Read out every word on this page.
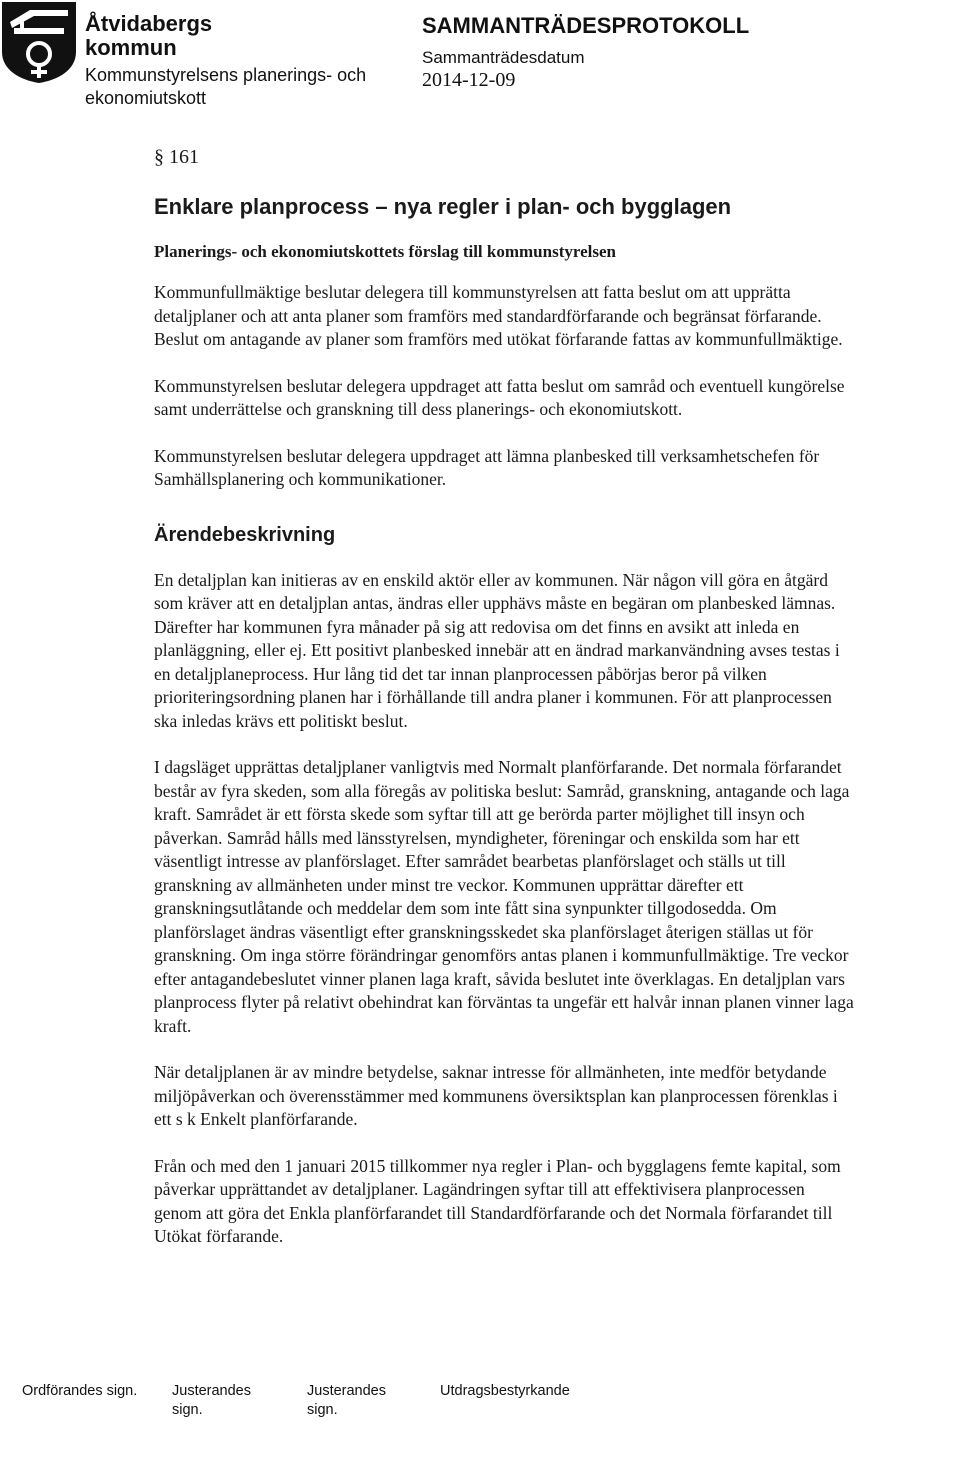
Åtvidabergs
kommun
Kommunstyrelsens planerings- och
ekonomiutskott
SAMMANTRÄDESPROTOKOLL
Sammanträdesdatum
2014-12-09
§ 161
Enklare planprocess – nya regler i plan- och bygglagen
Planerings- och ekonomiutskottets förslag till kommunstyrelsen

Kommunfullmäktige beslutar delegera till kommunstyrelsen att fatta beslut om att upprätta detaljplaner och att anta planer som framförs med standardförfarande och begränsat förfarande. Beslut om antagande av planer som framförs med utökat förfarande fattas av kommunfullmäktige.

Kommunstyrelsen beslutar delegera uppdraget att fatta beslut om samråd och eventuell kungörelse samt underrättelse och granskning till dess planerings- och ekonomiutskott.

Kommunstyrelsen beslutar delegera uppdraget att lämna planbesked till verksamhetschefen för Samhällsplanering och kommunikationer.

Ärendebeskrivning

En detaljplan kan initieras av en enskild aktör eller av kommunen. När någon vill göra en åtgärd som kräver att en detaljplan antas, ändras eller upphävs måste en begäran om planbesked lämnas. Därefter har kommunen fyra månader på sig att redovisa om det finns en avsikt att inleda en planläggning, eller ej. Ett positivt planbesked innebär att en ändrad markanvändning avses testas i en detaljplaneprocess. Hur lång tid det tar innan planprocessen påbörjas beror på vilken prioriteringsordning planen har i förhållande till andra planer i kommunen. För att planprocessen ska inledas krävs ett politiskt beslut.

I dagsläget upprättas detaljplaner vanligtvis med Normalt planförfarande. Det normala förfarandet består av fyra skeden, som alla föregås av politiska beslut: Samråd, granskning, antagande och laga kraft. Samrådet är ett första skede som syftar till att ge berörda parter möjlighet till insyn och påverkan. Samråd hålls med länsstyrelsen, myndigheter, föreningar och enskilda som har ett väsentligt intresse av planförslaget. Efter samrådet bearbetas planförslaget och ställs ut till granskning av allmänheten under minst tre veckor. Kommunen upprättar därefter ett granskningsutlåtande och meddelar dem som inte fått sina synpunkter tillgodosedda. Om planförslaget ändras väsentligt efter granskningsskedet ska planförslaget återigen ställas ut för granskning. Om inga större förändringar genomförs antas planen i kommunfullmäktige. Tre veckor efter antagandebeslutet vinner planen laga kraft, såvida beslutet inte överklagas. En detaljplan vars planprocess flyter på relativt obehindrat kan förväntas ta ungefär ett halvår innan planen vinner laga kraft.

När detaljplanen är av mindre betydelse, saknar intresse för allmänheten, inte medför betydande miljöpåverkan och överensstämmer med kommunens översiktsplan kan planprocessen förenklas i ett s k Enkelt planförfarande.

Från och med den 1 januari 2015 tillkommer nya regler i Plan- och bygglagens femte kapital, som påverkar upprättandet av detaljplaner. Lagändringen syftar till att effektivisera planprocessen genom att göra det Enkla planförfarandet till Standardförfarande och det Normala förfarandet till Utökat förfarande.

Ordförandes sign. Justerandes
sign.
Justerandes
sign.
Utdragsbestyrkande
